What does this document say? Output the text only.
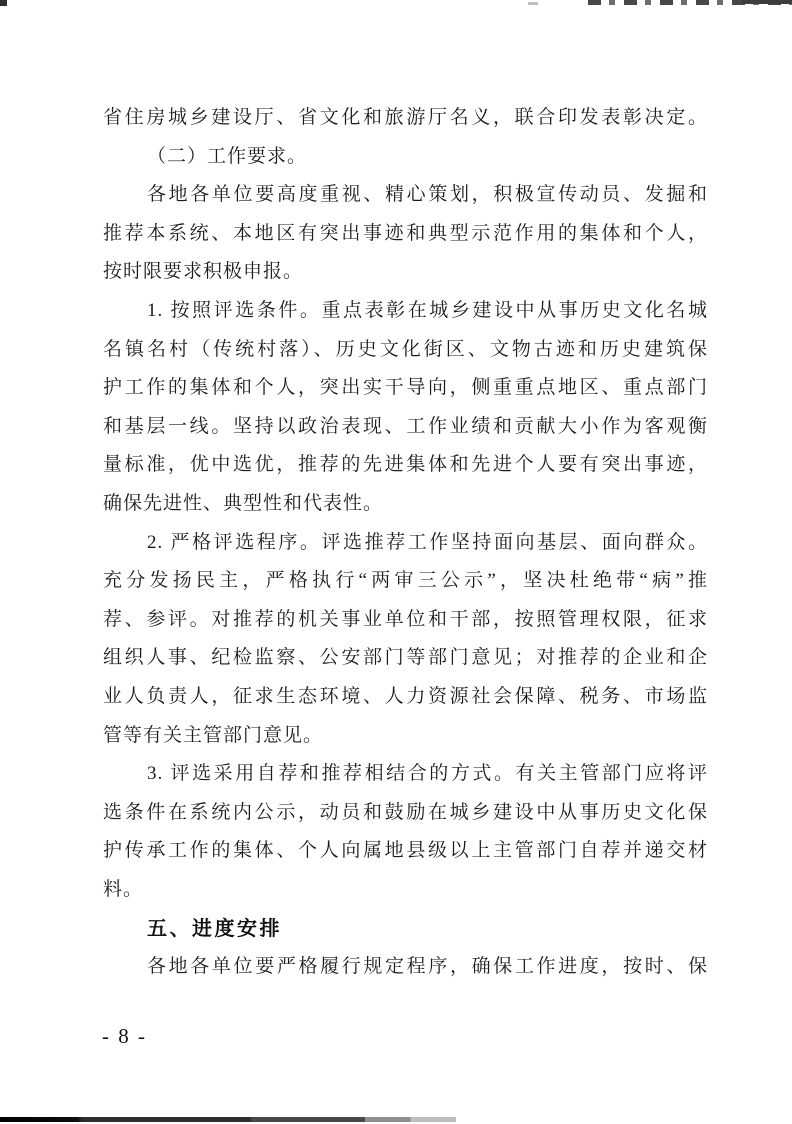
省住房城乡建设厅、省文化和旅游厅名义，联合印发表彰决定。
（二）工作要求。
各地各单位要高度重视、精心策划，积极宣传动员、发掘和
推荐本系统、本地区有突出事迹和典型示范作用的集体和个人，
按时限要求积极申报。
1. 按照评选条件。重点表彰在城乡建设中从事历史文化名城
名镇名村（传统村落）、历史文化街区、文物古迹和历史建筑保
护工作的集体和个人，突出实干导向，侧重重点地区、重点部门
和基层一线。坚持以政治表现、工作业绩和贡献大小作为客观衡
量标准，优中选优，推荐的先进集体和先进个人要有突出事迹，
确保先进性、典型性和代表性。
2. 严格评选程序。评选推荐工作坚持面向基层、面向群众。
充分发扬民主，严格执行“两审三公示”，坚决杜绝带“病”推
荐、参评。对推荐的机关事业单位和干部，按照管理权限，征求
组织人事、纪检监察、公安部门等部门意见；对推荐的企业和企
业人负责人，征求生态环境、人力资源社会保障、税务、市场监
管等有关主管部门意见。
3. 评选采用自荐和推荐相结合的方式。有关主管部门应将评
选条件在系统内公示，动员和鼓励在城乡建设中从事历史文化保
护传承工作的集体、个人向属地县级以上主管部门自荐并递交材
料。
五、进度安排
各地各单位要严格履行规定程序，确保工作进度，按时、保
- 8 -
